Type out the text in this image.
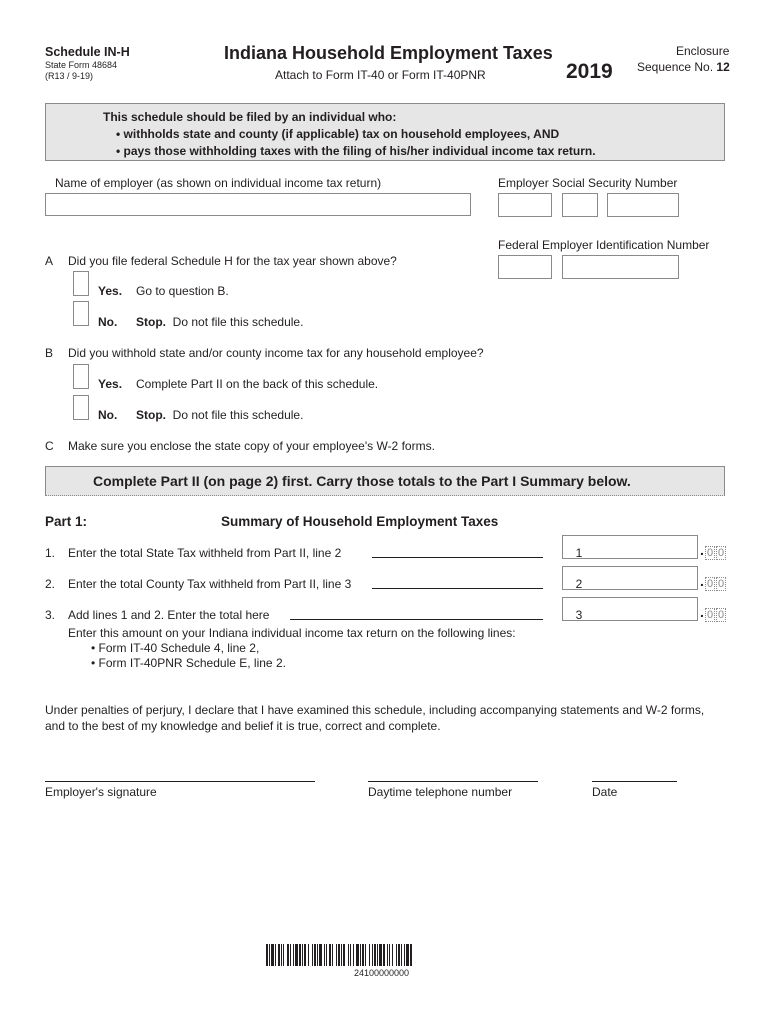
Schedule IN-H
State Form 48684
(R13 / 9-19)
Indiana Household Employment Taxes
Attach to Form IT-40 or Form IT-40PNR	2019
Enclosure
Sequence No. 12
This schedule should be filed by an individual who:
• withholds state and county (if applicable) tax on household employees, AND
• pays those withholding taxes with the filing of his/her individual income tax return.
Name of employer (as shown on individual income tax return)	Employer Social Security Number
Federal Employer Identification Number
A Did you file federal Schedule H for the tax year shown above?
Yes. Go to question B.
No. Stop. Do not file this schedule.
B Did you withhold state and/or county income tax for any household employee?
Yes. Complete Part II on the back of this schedule.
No. Stop. Do not file this schedule.
C Make sure you enclose the state copy of your employee's W-2 forms.
Complete Part II (on page 2) first. Carry those totals to the Part I Summary below.
Part 1:	Summary of Household Employment Taxes
1. Enter the total State Tax withheld from Part II, line 2	1	. 0 0
2. Enter the total County Tax withheld from Part II, line 3	2	. 0 0
3. Add lines 1 and 2. Enter the total here	3	. 0 0
Enter this amount on your Indiana individual income tax return on the following lines:
• Form IT-40 Schedule 4, line 2,
• Form IT-40PNR Schedule E, line 2.
Under penalties of perjury, I declare that I have examined this schedule, including accompanying statements and W-2 forms,
and to the best of my knowledge and belief it is true, correct and complete.
Employer's signature	Daytime telephone number	Date
24100000000
